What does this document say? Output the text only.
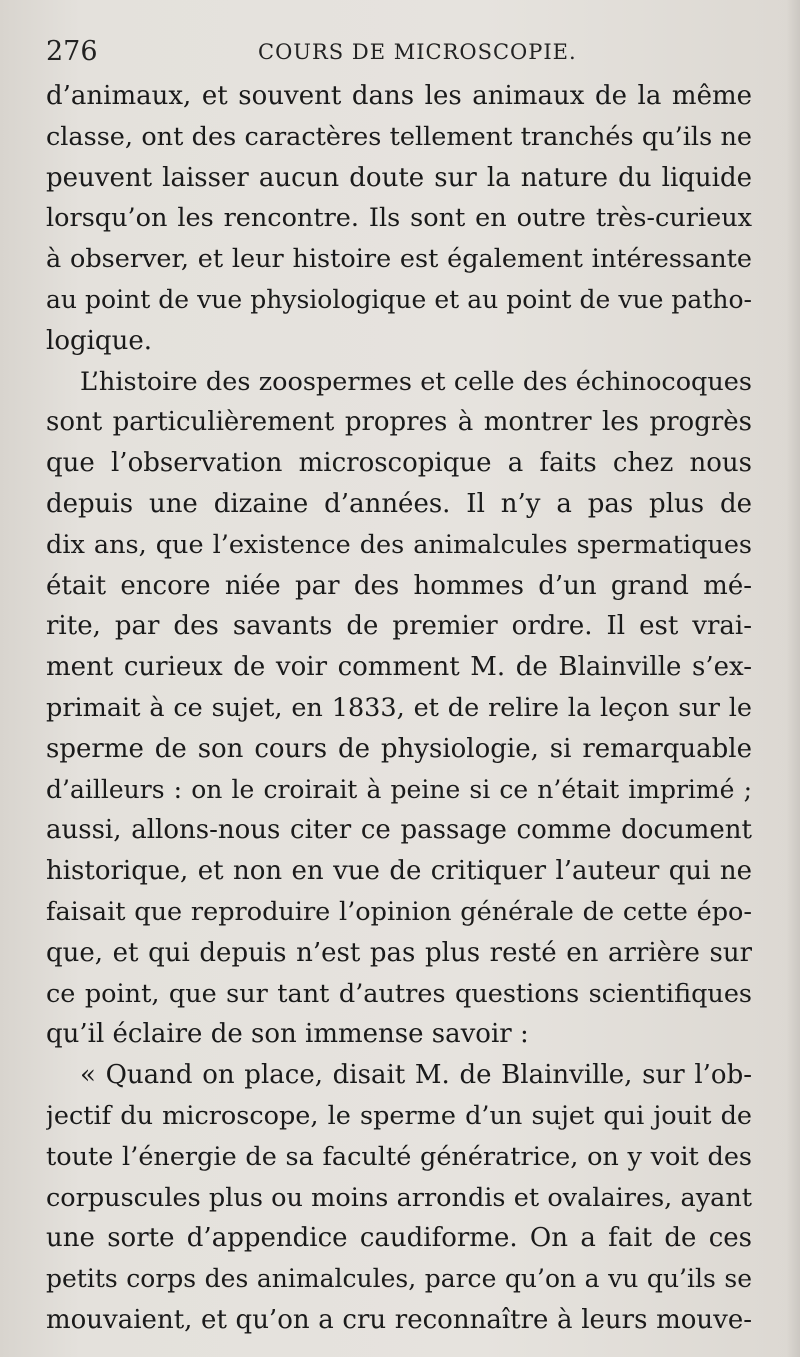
276	COURS DE MICROSCOPIE.
d’animaux, et souvent dans les animaux de la même
classe, ont des caractères tellement tranchés qu’ils ne
peuvent laisser aucun doute sur la nature du liquide
lorsqu’on les rencontre. Ils sont en outre très-curieux
à observer, et leur histoire est également intéressante
au point de vue physiologique et au point de vue patho-
logique.
L’histoire des zoospermes et celle des échinocoques
sont particulièrement propres à montrer les progrès
que l’observation microscopique a faits chez nous
depuis une dizaine d’années. Il n’y a pas plus de
dix ans, que l’existence des animalcules spermatiques
était encore niée par des hommes d’un grand mé-
rite, par des savants de premier ordre. Il est vrai-
ment curieux de voir comment M. de Blainville s’ex-
primait à ce sujet, en 1833, et de relire la leçon sur le
sperme de son cours de physiologie, si remarquable
d’ailleurs : on le croirait à peine si ce n’était imprimé ;
aussi, allons-nous citer ce passage comme document
historique, et non en vue de critiquer l’auteur qui ne
faisait que reproduire l’opinion générale de cette épo-
que, et qui depuis n’est pas plus resté en arrière sur
ce point, que sur tant d’autres questions scientifiques
qu’il éclaire de son immense savoir :
« Quand on place, disait M. de Blainville, sur l’ob-
jectif du microscope, le sperme d’un sujet qui jouit de
toute l’énergie de sa faculté génératrice, on y voit des
corpuscules plus ou moins arrondis et ovalaires, ayant
une sorte d’appendice caudiforme. On a fait de ces
petits corps des animalcules, parce qu’on a vu qu’ils se
mouvaient, et qu’on a cru reconnaître à leurs mouve-
